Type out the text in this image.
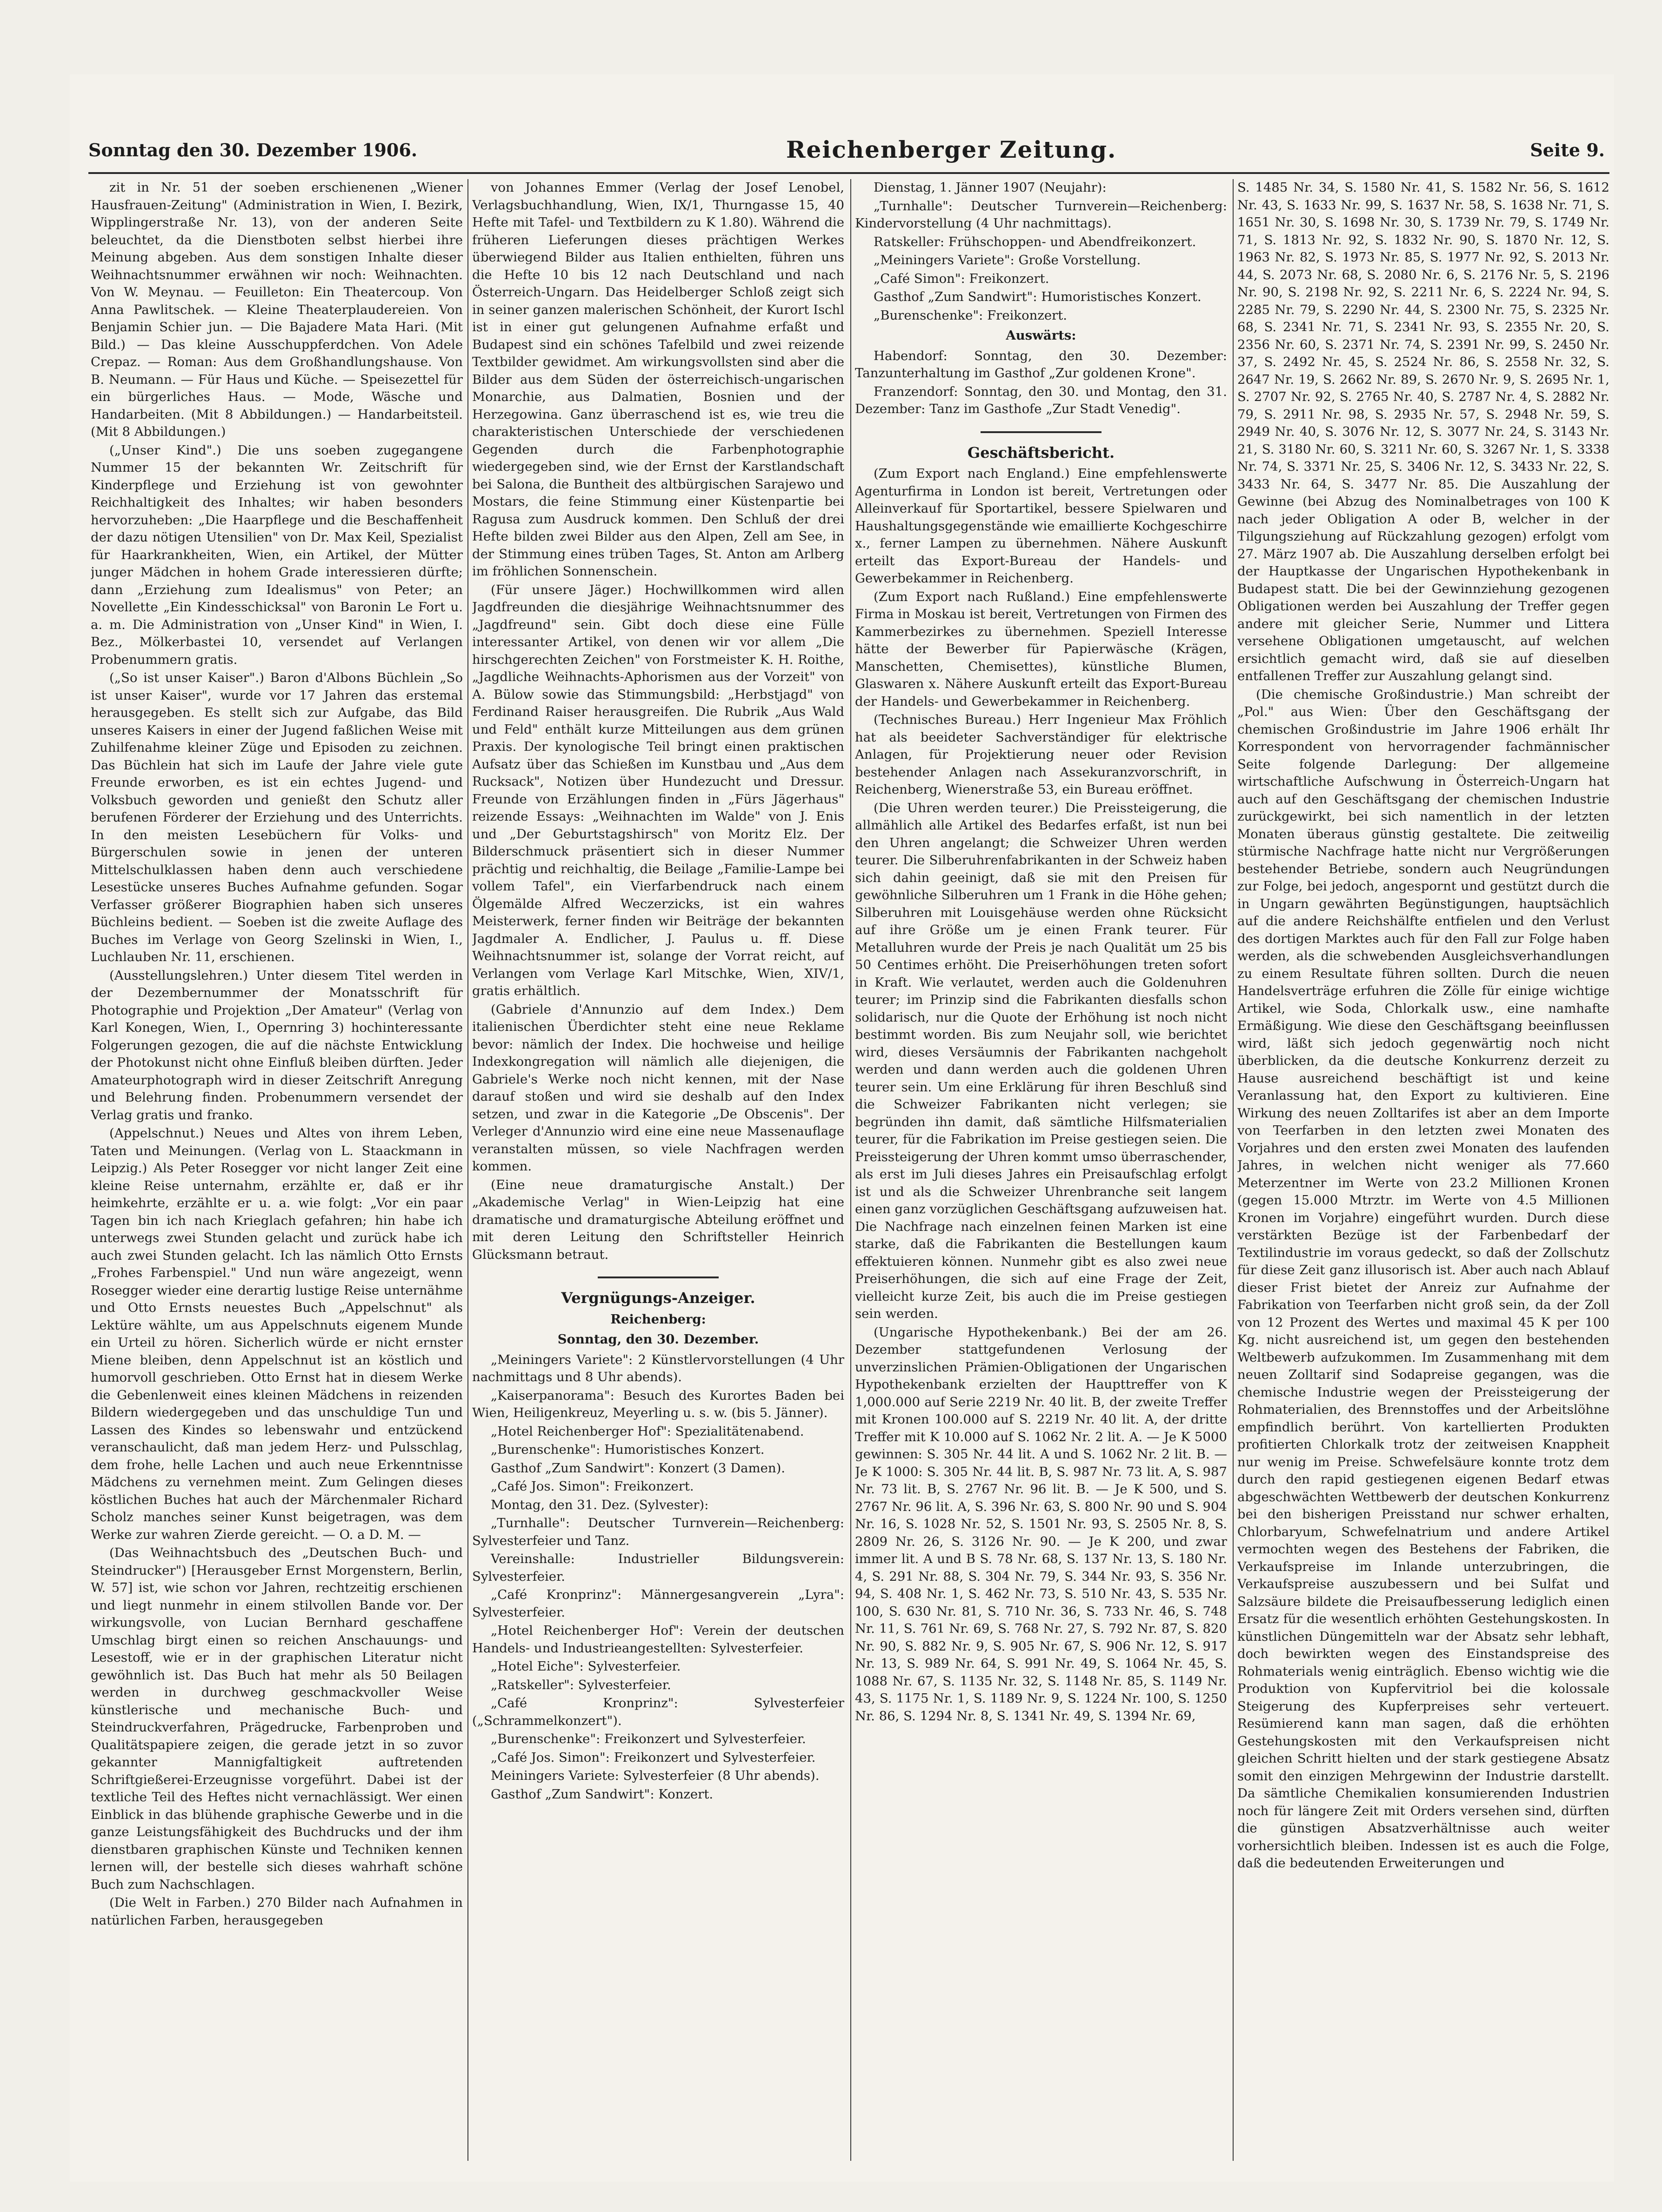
Sonntag den 30. Dezember 1906.	Reichenberger Zeitung.	Seite 9.

zit in Nr. 51 der soeben erschienenen „Wiener Hausfrauen-Zeitung" (Administration in Wien, I. Bezirk, Wipplingerstraße Nr. 13), von der anderen Seite beleuchtet, da die Dienstboten selbst hierbei ihre Meinung abgeben. Aus dem sonstigen Inhalte dieser Weihnachtsnummer erwähnen wir noch: Weihnachten. Von W. Meynau. — Feuilleton: Ein Theatercoup. Von Anna Pawlitschek. — Kleine Theaterplaudereien. Von Benjamin Schier jun. — Die Bajadere Mata Hari. (Mit Bild.) — Das kleine Ausschuppferdchen. Von Adele Crepaz. — Roman: Aus dem Großhandlungshause. Von B. Neumann. — Für Haus und Küche. — Speisezettel für ein bürgerliches Haus. — Mode, Wäsche und Handarbeiten. (Mit 8 Abbildungen.) — Handarbeitsteil. (Mit 8 Abbildungen.)

(„Unser Kind".) Die uns soeben zugegangene Nummer 15 der bekannten Wr. Zeitschrift für Kinderpflege und Erziehung ist von gewohnter Reichhaltigkeit des Inhaltes; wir haben besonders hervorzuheben: „Die Haarpflege und die Beschaffenheit der dazu nötigen Utensilien" von Dr. Max Keil, Spezialist für Haarkrankheiten, Wien, ein Artikel, der Mütter junger Mädchen in hohem Grade interessieren dürfte; dann „Erziehung zum Idealismus" von Peter; an Novellette „Ein Kindesschicksal" von Baronin Le Fort u. a. m. Die Administration von „Unser Kind" in Wien, I. Bez., Mölkerbastei 10, versendet auf Verlangen Probenummern gratis.

(„So ist unser Kaiser".) Baron d'Albons Büchlein „So ist unser Kaiser", wurde vor 17 Jahren das erstemal herausgegeben. Es stellt sich zur Aufgabe, das Bild unseres Kaisers in einer der Jugend faßlichen Weise mit Zuhilfenahme kleiner Züge und Episoden zu zeichnen. Das Büchlein hat sich im Laufe der Jahre viele gute Freunde erworben, es ist ein echtes Jugend- und Volksbuch geworden und genießt den Schutz aller berufenen Förderer der Erziehung und des Unterrichts. In den meisten Lesebüchern für Volks- und Bürgerschulen sowie in jenen der unteren Mittelschulklassen haben denn auch verschiedene Lesestücke unseres Buches Aufnahme gefunden. Sogar Verfasser größerer Biographien haben sich unseres Büchleins bedient. — Soeben ist die zweite Auflage des Buches im Verlage von Georg Szelinski in Wien, I., Luchlauben Nr. 11, erschienen.

(Ausstellungslehren.) Unter diesem Titel werden in der Dezembernummer der Monatsschrift für Photographie und Projektion „Der Amateur" (Verlag von Karl Konegen, Wien, I., Opernring 3) hochinteressante Folgerungen gezogen, die auf die nächste Entwicklung der Photokunst nicht ohne Einfluß bleiben dürften. Jeder Amateurphotograph wird in dieser Zeitschrift Anregung und Belehrung finden. Probenummern versendet der Verlag gratis und franko.

(Appelschnut.) Neues und Altes von ihrem Leben, Taten und Meinungen. (Verlag von L. Staackmann in Leipzig.) Als Peter Rosegger vor nicht langer Zeit eine kleine Reise unternahm, erzählte er, daß er ihr heimkehrte, erzählte er u. a. wie folgt: „Vor ein paar Tagen bin ich nach Krieglach gefahren; hin habe ich unterwegs zwei Stunden gelacht und zurück habe ich auch zwei Stunden gelacht. Ich las nämlich Otto Ernsts „Frohes Farbenspiel." Und nun wäre angezeigt, wenn Rosegger wieder eine derartig lustige Reise unternähme und Otto Ernsts neuestes Buch „Appelschnut" als Lektüre wählte, um aus Appelschnuts eigenem Munde ein Urteil zu hören. Sicherlich würde er nicht ernster Miene bleiben, denn Appelschnut ist an köstlich und humorvoll geschrieben. Otto Ernst hat in diesem Werke die Gebenlenweit eines kleinen Mädchens in reizenden Bildern wiedergegeben und das unschuldige Tun und Lassen des Kindes so lebenswahr und entzückend veranschaulicht, daß man jedem Herz- und Pulsschlag, dem frohe, helle Lachen und auch neue Erkenntnisse Mädchens zu vernehmen meint. Zum Gelingen dieses köstlichen Buches hat auch der Märchenmaler Richard Scholz manches seiner Kunst beigetragen, was dem Werke zur wahren Zierde gereicht. — O. a D. M. —

(Das Weihnachtsbuch des „Deutschen Buch- und Steindrucker") [Herausgeber Ernst Morgenstern, Berlin, W. 57] ist, wie schon vor Jahren, rechtzeitig erschienen und liegt nunmehr in einem stilvollen Bande vor. Der wirkungsvolle, von Lucian Bernhard geschaffene Umschlag birgt einen so reichen Anschauungs- und Lesestoff, wie er in der graphischen Literatur nicht gewöhnlich ist. Das Buch hat mehr als 50 Beilagen werden in durchweg geschmackvoller Weise künstlerische und mechanische Buch- und Steindruckverfahren, Prägedrucke, Farbenproben und Qualitätspapiere zeigen, die gerade jetzt in so zuvor gekannter Mannigfaltigkeit auftretenden Schriftgießerei-Erzeugnisse vorgeführt. Dabei ist der textliche Teil des Heftes nicht vernachlässigt. Wer einen Einblick in das blühende graphische Gewerbe und in die ganze Leistungsfähigkeit des Buchdrucks und der ihm dienstbaren graphischen Künste und Techniken kennen lernen will, der bestelle sich dieses wahrhaft schöne Buch zum Nachschlagen.

(Die Welt in Farben.) 270 Bilder nach Aufnahmen in natürlichen Farben, herausgegeben

von Johannes Emmer (Verlag der Josef Lenobel, Verlagsbuchhandlung, Wien, IX/1, Thurngasse 15, 40 Hefte mit Tafel- und Textbildern zu K 1.80). Während die früheren Lieferungen dieses prächtigen Werkes überwiegend Bilder aus Italien enthielten, führen uns die Hefte 10 bis 12 nach Deutschland und nach Österreich-Ungarn. Das Heidelberger Schloß zeigt sich in seiner ganzen malerischen Schönheit, der Kurort Ischl ist in einer gut gelungenen Aufnahme erfaßt und Budapest sind ein schönes Tafelbild und zwei reizende Textbilder gewidmet. Am wirkungsvollsten sind aber die Bilder aus dem Süden der österreichisch-ungarischen Monarchie, aus Dalmatien, Bosnien und der Herzegowina. Ganz überraschend ist es, wie treu die charakteristischen Unterschiede der verschiedenen Gegenden durch die Farbenphotographie wiedergegeben sind, wie der Ernst der Karstlandschaft bei Salona, die Buntheit des altbürgischen Sarajewo und Mostars, die feine Stimmung einer Küstenpartie bei Ragusa zum Ausdruck kommen. Den Schluß der drei Hefte bilden zwei Bilder aus den Alpen, Zell am See, in der Stimmung eines trüben Tages, St. Anton am Arlberg im fröhlichen Sonnenschein.

(Für unsere Jäger.) Hochwillkommen wird allen Jagdfreunden die diesjährige Weihnachtsnummer des „Jagdfreund" sein. Gibt doch diese eine Fülle interessanter Artikel, von denen wir vor allem „Die hirschgerechten Zeichen" von Forstmeister K. H. Roithe, „Jagdliche Weihnachts-Aphorismen aus der Vorzeit" von A. Bülow sowie das Stimmungsbild: „Herbstjagd" von Ferdinand Raiser herausgreifen. Die Rubrik „Aus Wald und Feld" enthält kurze Mitteilungen aus dem grünen Praxis. Der kynologische Teil bringt einen praktischen Aufsatz über das Schießen im Kunstbau und „Aus dem Rucksack", Notizen über Hundezucht und Dressur. Freunde von Erzählungen finden in „Fürs Jägerhaus" reizende Essays: „Weihnachten im Walde" von J. Enis und „Der Geburtstagshirsch" von Moritz Elz. Der Bilderschmuck präsentiert sich in dieser Nummer prächtig und reichhaltig, die Beilage „Familie-Lampe bei vollem Tafel", ein Vierfarbendruck nach einem Ölgemälde Alfred Weczerzicks, ist ein wahres Meisterwerk, ferner finden wir Beiträge der bekannten Jagdmaler A. Endlicher, J. Paulus u. ff. Diese Weihnachtsnummer ist, solange der Vorrat reicht, auf Verlangen vom Verlage Karl Mitschke, Wien, XIV/1, gratis erhältlich.

(Gabriele d'Annunzio auf dem Index.) Dem italienischen Überdichter steht eine neue Reklame bevor: nämlich der Index. Die hochweise und heilige Indexkongregation will nämlich alle diejenigen, die Gabriele's Werke noch nicht kennen, mit der Nase darauf stoßen und wird sie deshalb auf den Index setzen, und zwar in die Kategorie „De Obscenis". Der Verleger d'Annunzio wird eine eine neue Massenauflage veranstalten müssen, so viele Nachfragen werden kommen.

(Eine neue dramaturgische Anstalt.) Der „Akademische Verlag" in Wien-Leipzig hat eine dramatische und dramaturgische Abteilung eröffnet und mit deren Leitung den Schriftsteller Heinrich Glücksmann betraut.

Vergnügungs-Anzeiger.

Reichenberg:

Sonntag, den 30. Dezember.

„Meiningers Variete": 2 Künstlervorstellungen (4 Uhr nachmittags und 8 Uhr abends).

„Kaiserpanorama": Besuch des Kurortes Baden bei Wien, Heiligenkreuz, Meyerling u. s. w. (bis 5. Jänner).

„Hotel Reichenberger Hof": Spezialitätenabend.

„Burenschenke": Humoristisches Konzert.

Gasthof „Zum Sandwirt": Konzert (3 Damen).

„Café Jos. Simon": Freikonzert.

Montag, den 31. Dez. (Sylvester):

„Turnhalle": Deutscher Turnverein—Reichenberg: Sylvesterfeier und Tanz.

Vereinshalle: Industrieller Bildungsverein: Sylvesterfeier.

„Café Kronprinz": Männergesangverein „Lyra": Sylvesterfeier.

„Hotel Reichenberger Hof": Verein der deutschen Handels- und Industrieangestellten: Sylvesterfeier.

„Hotel Eiche": Sylvesterfeier.

„Ratskeller": Sylvesterfeier.

„Café Kronprinz": Sylvesterfeier („Schrammelkonzert").

„Burenschenke": Freikonzert und Sylvesterfeier.

„Café Jos. Simon": Freikonzert und Sylvesterfeier.

Meiningers Variete: Sylvesterfeier (8 Uhr abends).

Gasthof „Zum Sandwirt": Konzert.

Dienstag, 1. Jänner 1907 (Neujahr):

„Turnhalle": Deutscher Turnverein—Reichenberg: Kindervorstellung (4 Uhr nachmittags).

Ratskeller: Frühschoppen- und Abendfreikonzert.

„Meiningers Variete": Große Vorstellung.

„Café Simon": Freikonzert.

Gasthof „Zum Sandwirt": Humoristisches Konzert.

„Burenschenke": Freikonzert.

Auswärts:

Habendorf: Sonntag, den 30. Dezember: Tanzunterhaltung im Gasthof „Zur goldenen Krone".

Franzendorf: Sonntag, den 30. und Montag, den 31. Dezember: Tanz im Gasthofe „Zur Stadt Venedig".

Geschäftsbericht.

(Zum Export nach England.) Eine empfehlenswerte Agenturfirma in London ist bereit, Vertretungen oder Alleinverkauf für Sportartikel, bessere Spielwaren und Haushaltungsgegenstände wie emaillierte Kochgeschirre x., ferner Lampen zu übernehmen. Nähere Auskunft erteilt das Export-Bureau der Handels- und Gewerbekammer in Reichenberg.

(Zum Export nach Rußland.) Eine empfehlenswerte Firma in Moskau ist bereit, Vertretungen von Firmen des Kammerbezirkes zu übernehmen. Speziell Interesse hätte der Bewerber für Papierwäsche (Krägen, Manschetten, Chemisettes), künstliche Blumen, Glaswaren x. Nähere Auskunft erteilt das Export-Bureau der Handels- und Gewerbekammer in Reichenberg.

(Technisches Bureau.) Herr Ingenieur Max Fröhlich hat als beeideter Sachverständiger für elektrische Anlagen, für Projektierung neuer oder Revision bestehender Anlagen nach Assekuranzvorschrift, in Reichenberg, Wienerstraße 53, ein Bureau eröffnet.

(Die Uhren werden teurer.) Die Preissteigerung, die allmählich alle Artikel des Bedarfes erfaßt, ist nun bei den Uhren angelangt; die Schweizer Uhren werden teurer. Die Silberuhrenfabrikanten in der Schweiz haben sich dahin geeinigt, daß sie mit den Preisen für gewöhnliche Silberuhren um 1 Frank in die Höhe gehen; Silberuhren mit Louisgehäuse werden ohne Rücksicht auf ihre Größe um je einen Frank teurer. Für Metalluhren wurde der Preis je nach Qualität um 25 bis 50 Centimes erhöht. Die Preiserhöhungen treten sofort in Kraft. Wie verlautet, werden auch die Goldenuhren teurer; im Prinzip sind die Fabrikanten diesfalls schon solidarisch, nur die Quote der Erhöhung ist noch nicht bestimmt worden. Bis zum Neujahr soll, wie berichtet wird, dieses Versäumnis der Fabrikanten nachgeholt werden und dann werden auch die goldenen Uhren teurer sein. Um eine Erklärung für ihren Beschluß sind die Schweizer Fabrikanten nicht verlegen; sie begründen ihn damit, daß sämtliche Hilfsmaterialien teurer, für die Fabrikation im Preise gestiegen seien. Die Preissteigerung der Uhren kommt umso überraschender, als erst im Juli dieses Jahres ein Preisaufschlag erfolgt ist und als die Schweizer Uhrenbranche seit langem einen ganz vorzüglichen Geschäftsgang aufzuweisen hat. Die Nachfrage nach einzelnen feinen Marken ist eine starke, daß die Fabrikanten die Bestellungen kaum effektuieren können. Nunmehr gibt es also zwei neue Preiserhöhungen, die sich auf eine Frage der Zeit, vielleicht kurze Zeit, bis auch die im Preise gestiegen sein werden.

(Ungarische Hypothekenbank.) Bei der am 26. Dezember stattgefundenen Verlosung der unverzinslichen Prämien-Obligationen der Ungarischen Hypothekenbank erzielten der Haupttreffer von K 1,000.000 auf Serie 2219 Nr. 40 lit. B, der zweite Treffer mit Kronen 100.000 auf S. 2219 Nr. 40 lit. A, der dritte Treffer mit K 10.000 auf S. 1062 Nr. 2 lit. A. — Je K 5000 gewinnen: S. 305 Nr. 44 lit. A und S. 1062 Nr. 2 lit. B. — Je K 1000: S. 305 Nr. 44 lit. B, S. 987 Nr. 73 lit. A, S. 987 Nr. 73 lit. B, S. 2767 Nr. 96 lit. B. — Je K 500, und S. 2767 Nr. 96 lit. A, S. 396 Nr. 63, S. 800 Nr. 90 und S. 904 Nr. 16, S. 1028 Nr. 52, S. 1501 Nr. 93, S. 2505 Nr. 8, S. 2809 Nr. 26, S. 3126 Nr. 90. — Je K 200, und zwar immer lit. A und B S. 78 Nr. 68, S. 137 Nr. 13, S. 180 Nr. 4, S. 291 Nr. 88, S. 304 Nr. 79, S. 344 Nr. 93, S. 356 Nr. 94, S. 408 Nr. 1, S. 462 Nr. 73, S. 510 Nr. 43, S. 535 Nr. 100, S. 630 Nr. 81, S. 710 Nr. 36, S. 733 Nr. 46, S. 748 Nr. 11, S. 761 Nr. 69, S. 768 Nr. 27, S. 792 Nr. 87, S. 820 Nr. 90, S. 882 Nr. 9, S. 905 Nr. 67, S. 906 Nr. 12, S. 917 Nr. 13, S. 989 Nr. 64, S. 991 Nr. 49, S. 1064 Nr. 45, S. 1088 Nr. 67, S. 1135 Nr. 32, S. 1148 Nr. 85, S. 1149 Nr. 43, S. 1175 Nr. 1, S. 1189 Nr. 9, S. 1224 Nr. 100, S. 1250 Nr. 86, S. 1294 Nr. 8, S. 1341 Nr. 49, S. 1394 Nr. 69,

S. 1485 Nr. 34, S. 1580 Nr. 41, S. 1582 Nr. 56, S. 1612 Nr. 43, S. 1633 Nr. 99, S. 1637 Nr. 58, S. 1638 Nr. 71, S. 1651 Nr. 30, S. 1698 Nr. 30, S. 1739 Nr. 79, S. 1749 Nr. 71, S. 1813 Nr. 92, S. 1832 Nr. 90, S. 1870 Nr. 12, S. 1963 Nr. 82, S. 1973 Nr. 85, S. 1977 Nr. 92, S. 2013 Nr. 44, S. 2073 Nr. 68, S. 2080 Nr. 6, S. 2176 Nr. 5, S. 2196 Nr. 90, S. 2198 Nr. 92, S. 2211 Nr. 6, S. 2224 Nr. 94, S. 2285 Nr. 79, S. 2290 Nr. 44, S. 2300 Nr. 75, S. 2325 Nr. 68, S. 2341 Nr. 71, S. 2341 Nr. 93, S. 2355 Nr. 20, S. 2356 Nr. 60, S. 2371 Nr. 74, S. 2391 Nr. 99, S. 2450 Nr. 37, S. 2492 Nr. 45, S. 2524 Nr. 86, S. 2558 Nr. 32, S. 2647 Nr. 19, S. 2662 Nr. 89, S. 2670 Nr. 9, S. 2695 Nr. 1, S. 2707 Nr. 92, S. 2765 Nr. 40, S. 2787 Nr. 4, S. 2882 Nr. 79, S. 2911 Nr. 98, S. 2935 Nr. 57, S. 2948 Nr. 59, S. 2949 Nr. 40, S. 3076 Nr. 12, S. 3077 Nr. 24, S. 3143 Nr. 21, S. 3180 Nr. 60, S. 3211 Nr. 60, S. 3267 Nr. 1, S. 3338 Nr. 74, S. 3371 Nr. 25, S. 3406 Nr. 12, S. 3433 Nr. 22, S. 3433 Nr. 64, S. 3477 Nr. 85. Die Auszahlung der Gewinne (bei Abzug des Nominalbetrages von 100 K nach jeder Obligation A oder B, welcher in der Tilgungsziehung auf Rückzahlung gezogen) erfolgt vom 27. März 1907 ab. Die Auszahlung derselben erfolgt bei der Hauptkasse der Ungarischen Hypothekenbank in Budapest statt. Die bei der Gewinnziehung gezogenen Obligationen werden bei Auszahlung der Treffer gegen andere mit gleicher Serie, Nummer und Littera versehene Obligationen umgetauscht, auf welchen ersichtlich gemacht wird, daß sie auf dieselben entfallenen Treffer zur Auszahlung gelangt sind.

(Die chemische Großindustrie.) Man schreibt der „Pol." aus Wien: Über den Geschäftsgang der chemischen Großindustrie im Jahre 1906 erhält Ihr Korrespondent von hervorragender fachmännischer Seite folgende Darlegung: Der allgemeine wirtschaftliche Aufschwung in Österreich-Ungarn hat auch auf den Geschäftsgang der chemischen Industrie zurückgewirkt, bei sich namentlich in der letzten Monaten überaus günstig gestaltete. Die zeitweilig stürmische Nachfrage hatte nicht nur Vergrößerungen bestehender Betriebe, sondern auch Neugründungen zur Folge, bei jedoch, angespornt und gestützt durch die in Ungarn gewährten Begünstigungen, hauptsächlich auf die andere Reichshälfte entfielen und den Verlust des dortigen Marktes auch für den Fall zur Folge haben werden, als die schwebenden Ausgleichsverhandlungen zu einem Resultate führen sollten. Durch die neuen Handelsverträge erfuhren die Zölle für einige wichtige Artikel, wie Soda, Chlorkalk usw., eine namhafte Ermäßigung. Wie diese den Geschäftsgang beeinflussen wird, läßt sich jedoch gegenwärtig noch nicht überblicken, da die deutsche Konkurrenz derzeit zu Hause ausreichend beschäftigt ist und keine Veranlassung hat, den Export zu kultivieren. Eine Wirkung des neuen Zolltarifes ist aber an dem Importe von Teerfarben in den letzten zwei Monaten des Vorjahres und den ersten zwei Monaten des laufenden Jahres, in welchen nicht weniger als 77.660 Meterzentner im Werte von 23.2 Millionen Kronen (gegen 15.000 Mtrztr. im Werte von 4.5 Millionen Kronen im Vorjahre) eingeführt wurden. Durch diese verstärkten Bezüge ist der Farbenbedarf der Textilindustrie im voraus gedeckt, so daß der Zollschutz für diese Zeit ganz illusorisch ist. Aber auch nach Ablauf dieser Frist bietet der Anreiz zur Aufnahme der Fabrikation von Teerfarben nicht groß sein, da der Zoll von 12 Prozent des Wertes und maximal 45 K per 100 Kg. nicht ausreichend ist, um gegen den bestehenden Weltbewerb aufzukommen. Im Zusammenhang mit dem neuen Zolltarif sind Sodapreise gegangen, was die chemische Industrie wegen der Preissteigerung der Rohmaterialien, des Brennstoffes und der Arbeitslöhne empfindlich berührt. Von kartellierten Produkten profitierten Chlorkalk trotz der zeitweisen Knappheit nur wenig im Preise. Schwefelsäure konnte trotz dem durch den rapid gestiegenen eigenen Bedarf etwas abgeschwächten Wettbewerb der deutschen Konkurrenz bei den bisherigen Preisstand nur schwer erhalten, Chlorbaryum, Schwefelnatrium und andere Artikel vermochten wegen des Bestehens der Fabriken, die Verkaufspreise im Inlande unterzubringen, die Verkaufspreise auszubessern und bei Sulfat und Salzsäure bildete die Preisaufbesserung lediglich einen Ersatz für die wesentlich erhöhten Gestehungskosten. In künstlichen Düngemitteln war der Absatz sehr lebhaft, doch bewirkten wegen des Einstandspreise des Rohmaterials wenig einträglich. Ebenso wichtig wie die Produktion von Kupfervitriol bei die kolossale Steigerung des Kupferpreises sehr verteuert. Resümierend kann man sagen, daß die erhöhten Gestehungskosten mit den Verkaufspreisen nicht gleichen Schritt hielten und der stark gestiegene Absatz somit den einzigen Mehrgewinn der Industrie darstellt. Da sämtliche Chemikalien konsumierenden Industrien noch für längere Zeit mit Orders versehen sind, dürften die günstigen Absatzverhältnisse auch weiter vorhersichtlich bleiben. Indessen ist es auch die Folge, daß die bedeutenden Erweiterungen und
